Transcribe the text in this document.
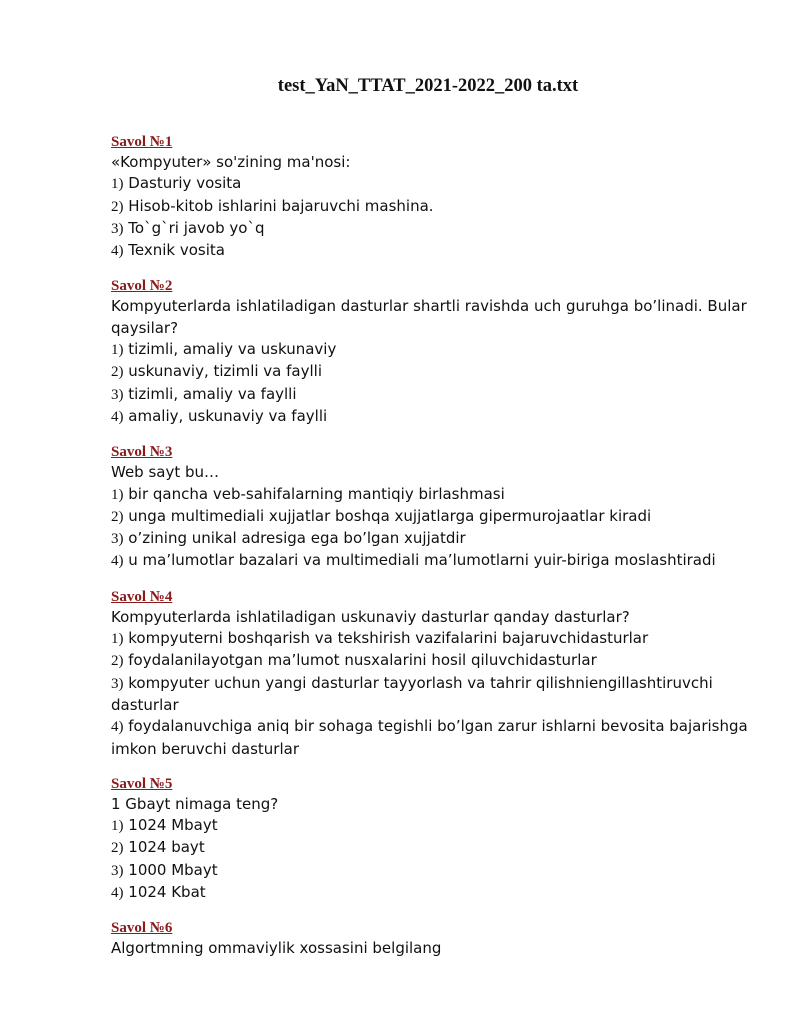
test_YaN_TTAT_2021-2022_200 ta.txt
Savol №1
«Kompyuter» so'zining ma'nosi:
1) Dasturiy vosita
2) Hisob-kitob ishlarini bajaruvchi mashina.
3) To`g`ri javob yo`q
4) Texnik vosita
Savol №2
Kompyuterlarda ishlatiladigan dasturlar shartli ravishda uch guruhga bo’linadi. Bular qaysilar?
1) tizimli, amaliy va uskunaviy
2) uskunaviy, tizimli va faylli
3) tizimli, amaliy va faylli
4) amaliy, uskunaviy va faylli
Savol №3
Web sayt bu…
1) bir qancha veb-sahifalarning mantiqiy birlashmasi
2) unga multimediali xujjatlar boshqa xujjatlarga gipermurojaatlar kiradi
3) o’zining unikal adresiga ega bo’lgan xujjatdir
4) u ma’lumotlar bazalari va multimediali ma’lumotlarni yuir-biriga moslashtiradi
Savol №4
Kompyuterlarda ishlatiladigan uskunaviy dasturlar qanday dasturlar?
1) kompyuterni boshqarish va tekshirish vazifalarini bajaruvchidasturlar
2) foydalanilayotgan ma’lumot nusxalarini hosil qiluvchidasturlar
3) kompyuter uchun yangi dasturlar tayyorlash va tahrir qilishniengillashtiruvchi dasturlar
4) foydalanuvchiga aniq bir sohaga tegishli bo’lgan zarur ishlarni bevosita bajarishga imkon beruvchi dasturlar
Savol №5
1 Gbayt nimaga teng?
1) 1024 Mbayt
2) 1024 bayt
3) 1000 Mbayt
4) 1024 Kbat
Savol №6
Algortmning ommaviylik xossasini belgilang
